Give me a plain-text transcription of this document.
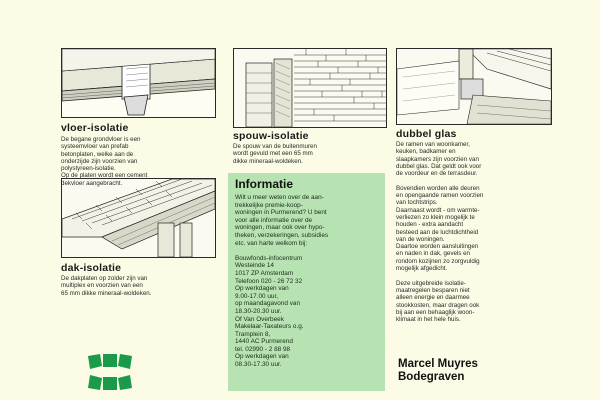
vloer-isolatie
De begane grondvloer is een
systeemvloer van prefab
betonplaten, welke aan de
onderzijde zijn voorzien van
polystyreen-isolatie.
Op de platen wordt een cement
dekvloer aangebracht.
spouw-isolatie
De spouw van de buitenmuren
wordt gevuld met een 65 mm
dikke mineraal-woldeken.
dubbel glas
De ramen van woonkamer,
keuken, badkamer en
slaapkamers zijn voorzien van
dubbel glas. Dat geldt ook voor
de voordeur en de terrasdeur.

Bovendien worden alle deuren
en opengaande ramen voorzien
van tochtstrips.
Daarnaast wordt - om warmte-
verliezen zo klein mogelijk te
houden - extra aandacht
besteed aan de luchtdichtheid
van de woningen.
Daartoe worden aansluitingen
en naden in dak, gevels en
rondom kozijnen zo zorgvuldig
mogelijk afgedicht.

Deze uitgebreide isolatie-
maatregelen besparen niet
alleen energie en daarmee
stookkosten, maar dragen ook
bij aan een behaaglijk woon-
klimaat in het hele huis.
dak-isolatie
De dakplaten op zolder zijn van
multiplex en voorzien van een
65 mm dikke mineraal-woldeken.
Informatie
Wilt u meer weten over de aan-
trekkelijke premie-koop-
woningen in Purmerend? U bent
voor alle informatie over de
woningen, maar ook over hypo-
theken, verzekeringen, subsidies
etc. van harte welkom bij:

Bouwfonds-infocentrum
Westeinde 14
1017 ZP Amsterdam
Telefoon 020 - 26 72 32
Op werkdagen van
9.00-17.00 uur,
op maandagavond van
18.30-20.30 uur.
Of Van Overbeek
Makelaar-Taxateurs o.g.
Tramplein 8,
1440 AC Purmerend
tel. 02990 - 2 88 98
Op werkdagen van
08.30-17.30 uur.	Marcel Muyres
Bodegraven
